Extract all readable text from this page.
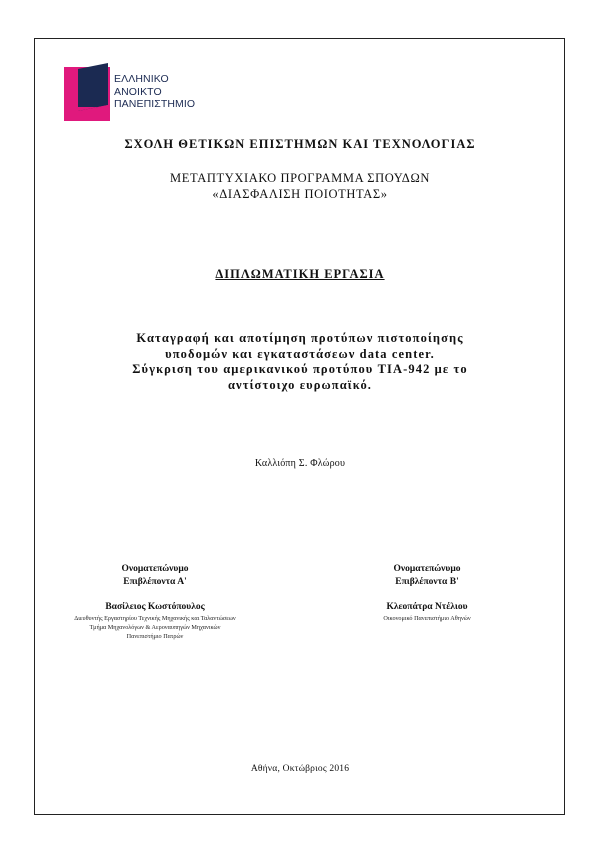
ΕΛΛΗΝΙΚΟ
ΑΝΟΙΚΤΟ
ΠΑΝΕΠΙΣΤΗΜΙΟ
ΣΧΟΛΗ ΘΕΤΙΚΩΝ ΕΠΙΣΤΗΜΩΝ ΚΑΙ ΤΕΧΝΟΛΟΓΙΑΣ
ΜΕΤΑΠΤΥΧΙΑΚΟ ΠΡΟΓΡΑΜΜΑ ΣΠΟΥΔΩΝ
«ΔΙΑΣΦΑΛΙΣΗ ΠΟΙΟΤΗΤΑΣ»
ΔΙΠΛΩΜΑΤΙΚΗ ΕΡΓΑΣΙΑ
Καταγραφή και αποτίμηση προτύπων πιστοποίησης
υποδομών και εγκαταστάσεων data center.
Σύγκριση του αμερικανικού προτύπου TIA-942 με το
αντίστοιχο ευρωπαϊκό.
Καλλιόπη Σ. Φλώρου
Ονοματεπώνυμο
Επιβλέποντα Α'
Ονοματεπώνυμο
Επιβλέποντα Β'
Βασίλειος Κωστόπουλος	Κλεοπάτρα Ντέλιου
Διευθυντής Εργαστηρίου Τεχνικής Μηχανικής και Ταλαντώσεων
Τμήμα Μηχανολόγων & Αεροναυπηγών Μηχανικών
Πανεπιστήμιο Πατρών
Οικονομικό Πανεπιστήμιο Αθηνών
Αθήνα, Οκτώβριος 2016
